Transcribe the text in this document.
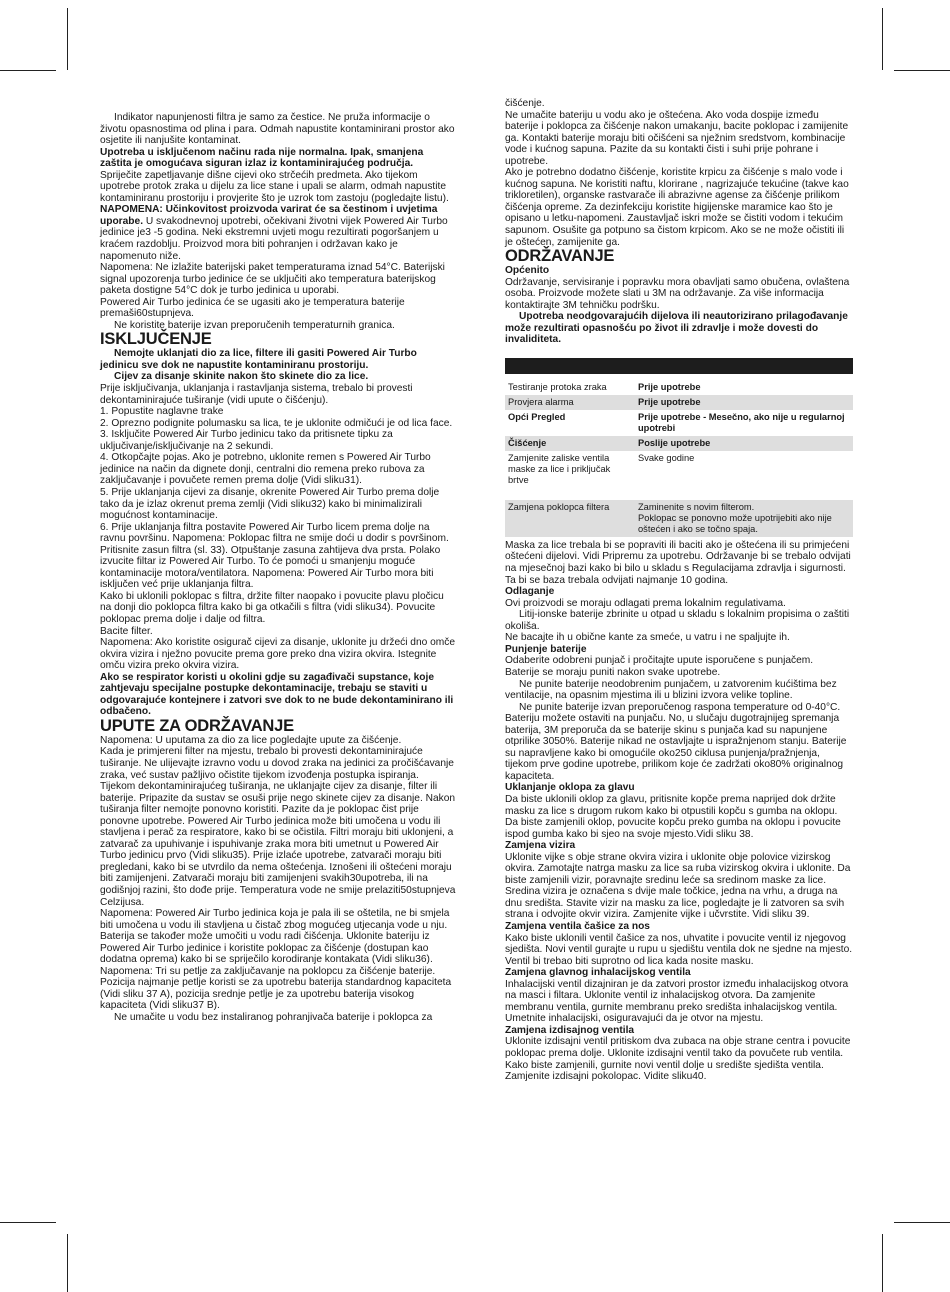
Indikator napunjenosti filtra je samo za čestice. Ne pruža informacije o životu opasnostima od plina i para. Odmah napustite kontaminirani prostor ako osjetite ili nanjušite kontaminat.

Upotreba u isključenom načinu rada nije normalna. Ipak, smanjena zaštita je omogućava siguran izlaz iz kontaminirajućeg područja.

Spriječite zapetljavanje dišne cijevi oko strčećih predmeta. Ako tijekom upotrebe protok zraka u dijelu za lice stane i upali se alarm, odmah napustite kontaminiranu prostoriju i provjerite što je uzrok tom zastoju (pogledajte listu).

NAPOMENA: Učinkovitost proizvoda varirat će sa čestinom i uvjetima uporabe. U svakodnevnoj upotrebi, očekivani životni vijek Powered Air Turbo jedinice je3 -5 godina. Neki ekstremni uvjeti mogu rezultirati pogoršanjem u kraćem razdoblju. Proizvod mora biti pohranjen i održavan kako je napomenuto niže.

Napomena: Ne izlažite baterijski paket temperaturama iznad 54°C. Baterijski signal upozorenja turbo jedinice će se uključiti ako temperatura baterijskog paketa dostigne 54°C dok je turbo jedinica u uporabi.

Powered Air Turbo jedinica će se ugasiti ako je temperatura baterije premaši60stupnjeva.

Ne koristite baterije izvan preporučenih temperaturnih granica.

ISKLJUČENJE

Nemojte uklanjati dio za lice, filtere ili gasiti Powered Air Turbo jedinicu sve dok ne napustite kontaminiranu prostoriju.

Cijev za disanje skinite nakon što skinete dio za lice.

Prije isključivanja, uklanjanja i rastavljanja sistema, trebalo bi provesti dekontaminirajuće tuširanje (vidi upute o čišćenju).

1. Popustite naglavne trake

2. Oprezno podignite polumasku sa lica, te je uklonite odmičući je od lica face.

3. Isključite Powered Air Turbo jedinicu tako da pritisnete tipku za uključivanje/isključivanje na 2 sekundi.

4. Otkopčajte pojas. Ako je potrebno, uklonite remen s Powered Air Turbo jedinice na način da dignete donji, centralni dio remena preko rubova za zaključavanje i povučete remen prema dolje (Vidi sliku31).

5. Prije uklanjanja cijevi za disanje, okrenite Powered Air Turbo prema dolje tako da je izlaz okrenut prema zemlji (Vidi sliku32) kako bi minimalizirali mogućnost kontaminacije.

6. Prije uklanjanja filtra postavite Powered Air Turbo licem prema dolje na ravnu površinu. Napomena: Poklopac filtra ne smije doći u dodir s površinom. Pritisnite zasun filtra (sl. 33). Otpuštanje zasuna zahtijeva dva prsta. Polako izvucite filtar iz Powered Air Turbo. To će pomoći u smanjenju moguće kontaminacije motora/ventilatora. Napomena: Powered Air Turbo mora biti isključen već prije uklanjanja filtra.

Kako bi uklonili poklopac s filtra, držite filter naopako i povucite plavu pločicu na donji dio poklopca filtra kako bi ga otkačili s filtra (vidi sliku34). Povucite poklopac prema dolje i dalje od filtra.

Bacite filter.

Napomena: Ako koristite osigurač cijevi za disanje, uklonite ju držeći dno omče okvira vizira i nježno povucite prema gore preko dna vizira okvira. Istegnite omču vizira preko okvira vizira.

Ako se respirator koristi u okolini gdje su zagađivači supstance, koje zahtjevaju specijalne postupke dekontaminacije, trebaju se staviti u odgovarajuće kontejnere i zatvori sve dok to ne bude dekontaminirano ili odbačeno.

UPUTE ZA ODRŽAVANJE

Napomena: U uputama za dio za lice pogledajte upute za čišćenje.

Kada je primjereni filter na mjestu, trebalo bi provesti dekontaminirajuće tuširanje. Ne ulijevajte izravno vodu u dovod zraka na jedinici za pročišćavanje zraka, već sustav pažljivo očistite tijekom izvođenja postupka ispiranja. Tijekom dekontaminirajućeg tuširanja, ne uklanjajte cijev za disanje, filter ili baterije. Pripazite da sustav se osuši prije nego skinete cijev za disanje. Nakon tuširanja filter nemojte ponovno koristiti. Pazite da je poklopac čist prije ponovne upotrebe. Powered Air Turbo jedinica može biti umočena u vodu ili stavljena i perač za respiratore, kako bi se očistila. Filtri moraju biti uklonjeni, a zatvarač za upuhivanje i ispuhivanje zraka mora biti umetnut u Powered Air Turbo jedinicu prvo (Vidi sliku35). Prije izlaće upotrebe, zatvarači moraju biti pregledani, kako bi se utvrdilo da nema oštećenja. Iznošeni ili oštećeni moraju biti zamijenjeni. Zatvarači moraju biti zamijenjeni svakih30upotreba, ili na godišnjoj razini, što dođe prije. Temperatura vode ne smije prelaziti50stupnjeva Celzijusa.

Napomena: Powered Air Turbo jedinica koja je pala ili se oštetila, ne bi smjela biti umočena u vodu ili stavljena u čistač zbog mogućeg utjecanja vode u nju. Baterija se također može umočiti u vodu radi čišćenja. Uklonite bateriju iz Powered Air Turbo jedinice i koristite poklopac za čišćenje (dostupan kao dodatna oprema) kako bi se spriječilo korodiranje kontakata (Vidi sliku36).

Napomena: Tri su petlje za zaključavanje na poklopcu za čišćenje baterije. Pozicija najmanje petlje koristi se za upotrebu baterija standardnog kapaciteta (Vidi sliku 37 A), pozicija srednje petlje je za upotrebu baterija visokog kapaciteta (Vidi sliku37 B).

Ne umačite u vodu bez instaliranog pohranjivača baterije i poklopca za

čišćenje.

Ne umačite bateriju u vodu ako je oštećena. Ako voda dospije između baterije i poklopca za čišćenje nakon umakanju, bacite poklopac i zamijenite ga. Kontakti baterije moraju biti očišćeni sa nježnim sredstvom, kombinacije vode i kućnog sapuna. Pazite da su kontakti čisti i suhi prije pohrane i upotrebe.

Ako je potrebno dodatno čišćenje, koristite krpicu za čišćenje s malo vode i kućnog sapuna. Ne koristiti naftu, klorirane , nagrizajuće tekućine (takve kao trikloretilen), organske rastvarače ili abrazivne agense za čišćenje prilikom čišćenja opreme. Za dezinfekciju koristite higijenske maramice kao što je opisano u letku-napomeni. Zaustavljač iskri može se čistiti vodom i tekućim sapunom. Osušite ga potpuno sa čistom krpicom. Ako se ne može očistiti ili je oštećen, zamijenite ga.

ODRŽAVANJE

Općenito

Održavanje, servisiranje i popravku mora obavljati samo obučena, ovlaštena osoba. Proizvode možete slati u 3M na održavanje. Za više informacija kontaktirajte 3M tehničku podršku.

Upotreba neodgovarajućih dijelova ili neautorizirano prilagođavanje može rezultirati opasnošću po život ili zdravlje i može dovesti do invaliditeta.

Testiranje protoka zraka	Prije upotrebe
Provjera alarma	Prije upotrebe
Opći Pregled	Prije upotrebe - Mesečno, ako nije u regularnoj upotrebi
Čišćenje	Poslije upotrebe
Zamjenite zaliske ventila maske za lice i priključak brtve	Svake godine
Zamjena poklopca filtera	Zaminenite s novim filterom.
Poklopac se ponovno može upotrijebiti ako nije oštećen i ako se točno spaja.

Maska za lice trebala bi se popraviti ili baciti ako je oštećena ili su primjećeni oštećeni dijelovi. Vidi Pripremu za upotrebu. Održavanje bi se trebalo odvijati na mjesečnoj bazi kako bi bilo u skladu s Regulacijama zdravlja i sigurnosti. Ta bi se baza trebala odvijati najmanje 10 godina.

Odlaganje

Ovi proizvodi se moraju odlagati prema lokalnim regulativama.

Litij-ionske baterije zbrinite u otpad u skladu s lokalnim propisima o zaštiti okoliša.

Ne bacajte ih u obične kante za smeće, u vatru i ne spaljujte ih.

Punjenje baterije

Odaberite odobreni punjač i pročitajte upute isporučene s punjačem.

Baterije se moraju puniti nakon svake upotrebe.

Ne punite baterije neodobrenim punjačem, u zatvorenim kućištima bez ventilacije, na opasnim mjestima ili u blizini izvora velike topline.

Ne punite baterije izvan preporučenog raspona temperature od 0-40°C. Bateriju možete ostaviti na punjaču. No, u slučaju dugotrajnijeg spremanja baterija, 3M preporuča da se baterije skinu s punjača kad su napunjene otprilike 3050%. Baterije nikad ne ostavljajte u ispražnjenom stanju. Baterije su napravljene kako bi omogućile oko250 ciklusa punjenja/pražnjenja, tijekom prve godine upotrebe, prilikom koje će zadržati oko80% originalnog kapaciteta.

Uklanjanje oklopa za glavu

Da biste uklonili oklop za glavu, pritisnite kopče prema naprijed dok držite masku za lice s drugom rukom kako bi otpustili kopču s gumba na oklopu. Da biste zamjenili oklop, povucite kopču preko gumba na oklopu i povucite ispod gumba kako bi sjeo na svoje mjesto.Vidi sliku 38.

Zamjena vizira

Uklonite vijke s obje strane okvira vizira i uklonite obje polovice vizirskog okvira. Zamotajte natrga masku za lice sa ruba vizirskog okvira i uklonite. Da biste zamjenili vizir, poravnajte sredinu leće sa sredinom maske za lice. Sredina vizira je označena s dvije male točkice, jedna na vrhu, a druga na dnu središta. Stavite vizir na masku za lice, pogledajte je li zatvoren sa svih strana i odvojite okvir vizira. Zamjenite vijke i učvrstite. Vidi sliku 39.

Zamjena ventila čašice za nos

Kako biste uklonili ventil čašice za nos, uhvatite i povucite ventil iz njegovog sjedišta. Novi ventil gurajte u rupu u sjedištu ventila dok ne sjedne na mjesto. Ventil bi trebao biti suprotno od lica kada nosite masku.

Zamjena glavnog inhalacijskog ventila

Inhalacijski ventil dizajniran je da zatvori prostor između inhalacijskog otvora na masci i filtara. Uklonite ventil iz inhalacijskog otvora. Da zamjenite membranu ventila, gurnite membranu preko središta inhalacijskog ventila. Umetnite inhalacijski, osiguravajući da je otvor na mjestu.

Zamjena izdisajnog ventila

Uklonite izdisajni ventil pritiskom dva zubaca na obje strane centra i povucite poklopac prema dolje. Uklonite izdisajni ventil tako da povučete rub ventila. Kako biste zamjenili, gurnite novi ventil dolje u središte sjedišta ventila. Zamjenite izdisajni pokolopac. Vidite sliku40.
